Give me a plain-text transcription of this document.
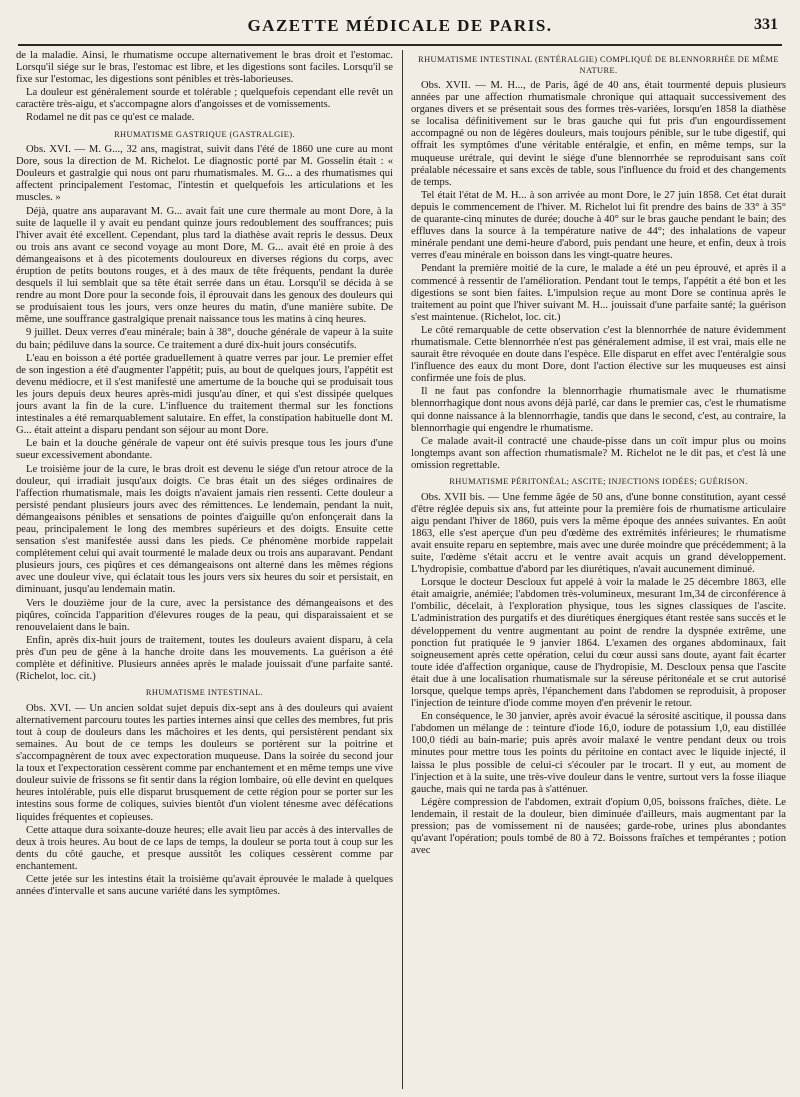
GAZETTE MÉDICALE DE PARIS.	331

de la maladie. Ainsi, le rhumatisme occupe alternativement le bras droit et l'estomac. Lorsqu'il siége sur le bras, l'estomac est libre, et les digestions sont faciles. Lorsqu'il se fixe sur l'estomac, les digestions sont pénibles et très-laborieuses.

La douleur est généralement sourde et tolérable ; quelquefois cependant elle revêt un caractère très-aigu, et s'accompagne alors d'angoisses et de vomissements.

Rodamel ne dit pas ce qu'est ce malade.

RHUMATISME GASTRIQUE (GASTRALGIE).

Obs. XVI. — M. G..., 32 ans, magistrat, suivit dans l'été de 1860 une cure au mont Dore, sous la direction de M. Richelot. Le diagnostic porté par M. Gosselin était : « Douleurs et gastralgie qui nous ont paru rhumatismales. M. G... a des rhumatismes qui affectent principalement l'estomac, l'intestin et quelquefois les articulations et les muscles. »

Déjà, quatre ans auparavant M. G... avait fait une cure thermale au mont Dore, à la suite de laquelle il y avait eu pendant quinze jours redoublement des souffrances; puis l'hiver avait été excellent. Cependant, plus tard la diathèse avait repris le dessus. Deux ou trois ans avant ce second voyage au mont Dore, M. G... avait été en proie à des démangeaisons et à des picotements douloureux en diverses régions du corps, avec éruption de petits boutons rouges, et à des maux de tête fréquents, pendant la durée desquels il lui semblait que sa tête était serrée dans un étau. Lorsqu'il se décida à se rendre au mont Dore pour la seconde fois, il éprouvait dans les genoux des douleurs qui se produisaient tous les jours, vers onze heures du matin, d'une manière subite. De même, une souffrance gastralgique prenait naissance tous les matins à cinq heures.

9 juillet. Deux verres d'eau minérale; bain à 38°, douche générale de vapeur à la suite du bain; pédiluve dans la source. Ce traitement a duré dix-huit jours consécutifs.

L'eau en boisson a été portée graduellement à quatre verres par jour. Le premier effet de son ingestion a été d'augmenter l'appétit; puis, au bout de quelques jours, l'appétit est devenu médiocre, et il s'est manifesté une amertume de la bouche qui se produisait tous les jours depuis deux heures après-midi jusqu'au dîner, et qui s'est dissipée quelques jours avant la fin de la cure. L'influence du traitement thermal sur les fonctions intestinales a été remarquablement salutaire. En effet, la constipation habituelle dont M. G... était atteint a disparu pendant son séjour au mont Dore.

Le bain et la douche générale de vapeur ont été suivis presque tous les jours d'une sueur excessivement abondante.

Le troisième jour de la cure, le bras droit est devenu le siége d'un retour atroce de la douleur, qui irradiait jusqu'aux doigts. Ce bras était un des siéges ordinaires de l'affection rhumatismale, mais les doigts n'avaient jamais rien ressenti. Cette douleur a persisté pendant plusieurs jours avec des rémittences. Le lendemain, pendant la nuit, démangeaisons pénibles et sensations de pointes d'aiguille qu'on enfonçerait dans la peau, principalement le long des membres supérieurs et des doigts. Ensuite cette sensation s'est manifestée aussi dans les pieds. Ce phénomène morbide rappelait complétement celui qui avait tourmenté le malade deux ou trois ans auparavant. Pendant plusieurs jours, ces piqûres et ces démangeaisons ont alterné dans les mêmes régions avec une douleur vive, qui éclatait tous les jours vers six heures du soir et persistait, en diminuant, jusqu'au lendemain matin.

Vers le douzième jour de la cure, avec la persistance des démangeaisons et des piqûres, coïncida l'apparition d'élevures rouges de la peau, qui disparaissaient et se renouvelaient dans le bain.

Enfin, après dix-huit jours de traitement, toutes les douleurs avaient disparu, à cela près d'un peu de gêne à la hanche droite dans les mouvements. La guérison a été complète et définitive. Plusieurs années après le malade jouissait d'une parfaite santé. (Richelot, loc. cit.)

RHUMATISME INTESTINAL.

Obs. XVI. — Un ancien soldat sujet depuis dix-sept ans à des douleurs qui avaient alternativement parcouru toutes les parties internes ainsi que celles des membres, fut pris tout à coup de douleurs dans les mâchoires et les dents, qui persistèrent pendant six semaines. Au bout de ce temps les douleurs se portèrent sur la poitrine et s'accompagnèrent de toux avec expectoration muqueuse. Dans la soirée du second jour la toux et l'expectoration cessèrent comme par enchantement et en même temps une vive douleur suivie de frissons se fit sentir dans la région lombaire, où elle devint en quelques heures intolérable, puis elle disparut brusquement de cette région pour se porter sur les intestins sous forme de coliques, suivies bientôt d'un violent ténesme avec défécations liquides fréquentes et copieuses.

Cette attaque dura soixante-douze heures; elle avait lieu par accès à des intervalles de deux à trois heures. Au bout de ce laps de temps, la douleur se porta tout à coup sur les dents du côté gauche, et presque aussitôt les coliques cessèrent comme par enchantement.

Cette jetée sur les intestins était la troisième qu'avait éprouvée le malade à quelques années d'intervalle et sans aucune variété dans les symptômes.

RHUMATISME INTESTINAL (ENTÉRALGIE) COMPLIQUÉ DE BLENNORRHÉE DE MÊME NATURE.

Obs. XVII. — M. H..., de Paris, âgé de 40 ans, était tourmenté depuis plusieurs années par une affection rhumatismale chronique qui attaquait successivement des organes divers et se présentait sous des formes très-variées, lorsqu'en 1858 la diathèse se localisa définitivement sur le bras gauche qui fut pris d'un engourdissement accompagné ou non de légères douleurs, mais toujours pénible, sur le tube digestif, qui offrait les symptômes d'une véritable entéralgie, et enfin, en même temps, sur la muqueuse urétrale, qui devint le siége d'une blennorrhée se reproduisant sans coït préalable nécessaire et sans excès de table, sous l'influence du froid et des changements de temps.

Tel était l'état de M. H... à son arrivée au mont Dore, le 27 juin 1858. Cet état durait depuis le commencement de l'hiver. M. Richelot lui fit prendre des bains de 33° à 35° de quarante-cinq minutes de durée; douche à 40° sur le bras gauche pendant le bain; des effluves dans la source à la température native de 44°; des inhalations de vapeur minérale pendant une demi-heure d'abord, puis pendant une heure, et enfin, deux à trois verres d'eau minérale en boisson dans les vingt-quatre heures.

Pendant la première moitié de la cure, le malade a été un peu éprouvé, et après il a commencé à ressentir de l'amélioration. Pendant tout le temps, l'appétit a été bon et les digestions se sont bien faites. L'impulsion reçue au mont Dore se continua après le traitement au point que l'hiver suivant M. H... jouissait d'une parfaite santé; la guérison s'est maintenue. (Richelot, loc. cit.)

Le côté remarquable de cette observation c'est la blennorrhée de nature évidemment rhumatismale. Cette blennorrhée n'est pas généralement admise, il est vrai, mais elle ne saurait être révoquée en doute dans l'espèce. Elle disparut en effet avec l'entéralgie sous l'influence des eaux du mont Dore, dont l'action élective sur les muqueuses est ainsi confirmée une fois de plus.

Il ne faut pas confondre la blennorrhagie rhumatismale avec le rhumatisme blennorrhagique dont nous avons déjà parlé, car dans le premier cas, c'est le rhumatisme qui donne naissance à la blennorrhagie, tandis que dans le second, c'est, au contraire, la blennorrhagie qui engendre le rhumatisme.

Ce malade avait-il contracté une chaude-pisse dans un coït impur plus ou moins longtemps avant son affection rhumatismale? M. Richelot ne le dit pas, et c'est là une omission regrettable.

RHUMATISME PÉRITONÉAL; ASCITE; INJECTIONS IODÉES; GUÉRISON.

Obs. XVII bis. — Une femme âgée de 50 ans, d'une bonne constitution, ayant cessé d'être réglée depuis six ans, fut atteinte pour la première fois de rhumatisme articulaire aigu pendant l'hiver de 1860, puis vers la même époque des années suivantes. En août 1863, elle s'est aperçue d'un peu d'œdème des extrémités inférieures; le rhumatisme avait ensuite reparu en septembre, mais avec une durée moindre que précédemment; à la suite, l'œdème s'était accru et le ventre avait acquis un grand développement. L'hydropisie, combattue d'abord par les diurétiques, n'avait aucunement diminué.

Lorsque le docteur Desclouх fut appelé à voir la malade le 25 décembre 1863, elle était amaigrie, anémiée; l'abdomen très-volumineux, mesurant 1m,34 de circonférence à l'ombilic, décelait, à l'exploration physique, tous les signes classiques de l'ascite. L'administration des purgatifs et des diurétiques énergiques étant restée sans succès et le développement du ventre augmentant au point de rendre la dyspnée extrême, une ponction fut pratiquée le 9 janvier 1864. L'examen des organes abdominaux, fait soigneusement après cette opération, celui du cœur aussi sans doute, ayant fait écarter toute idée d'affection organique, cause de l'hydropisie, M. Descloux pensa que l'ascite était due à une localisation rhumatismale sur la séreuse péritonéale et se crut autorisé lorsque, quelque temps après, l'épanchement dans l'abdomen se reproduisit, à proposer l'injection de teinture d'iode comme moyen d'en prévenir le retour.

En conséquence, le 30 janvier, après avoir évacué la sérosité ascitique, il poussa dans l'abdomen un mélange de : teinture d'iode 16,0, iodure de potassium 1,0, eau distillée 100,0 tiédi au bain-marie; puis après avoir malaxé le ventre pendant deux ou trois minutes pour mettre tous les points du péritoine en contact avec le liquide injecté, il laissa le plus possible de celui-ci s'écouler par le trocart. Il y eut, au moment de l'injection et à la suite, une très-vive douleur dans le ventre, surtout vers la fosse iliaque gauche, mais qui ne tarda pas à s'atténuer.

Légère compression de l'abdomen, extrait d'opium 0,05, boissons fraîches, diète. Le lendemain, il restait de la douleur, bien diminuée d'ailleurs, mais augmentant par la pression; pas de vomissement ni de nausées; garde-robe, urines plus abondantes qu'avant l'opération; pouls tombé de 80 à 72. Boissons fraîches et tempérantes ; potion avec
